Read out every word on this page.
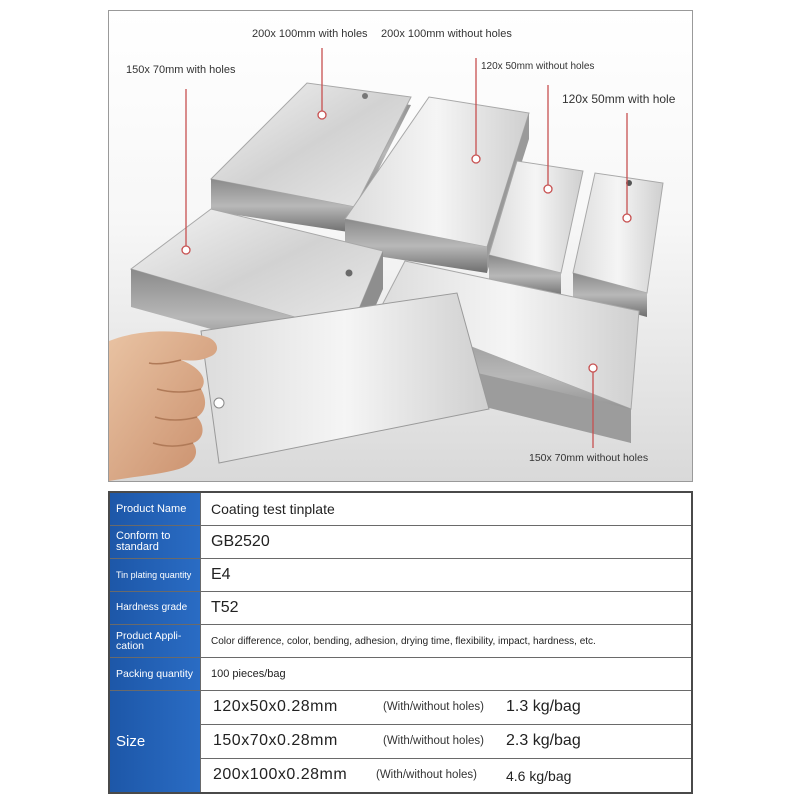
200x 100mm with holes 200x 100mm without holes
150x 70mm with holes	120x 50mm without holes
120x 50mm with hole
150x 70mm without holes
Product Name	Coating test tinplate
Conform to standard	GB2520
Tin plating quantity	E4
Hardness grade	T52
Product Appli- cation	Color difference, color, bending, adhesion, drying time, flexibility, impact, hardness, etc.
Packing quantity	100 pieces/bag
Size
120x50x0.28mm	(With/without holes) 1.3 kg/bag
150x70x0.28mm	(With/without holes) 2.3 kg/bag
200x100x0.28mm	(With/without holes) 4.6 kg/bag
